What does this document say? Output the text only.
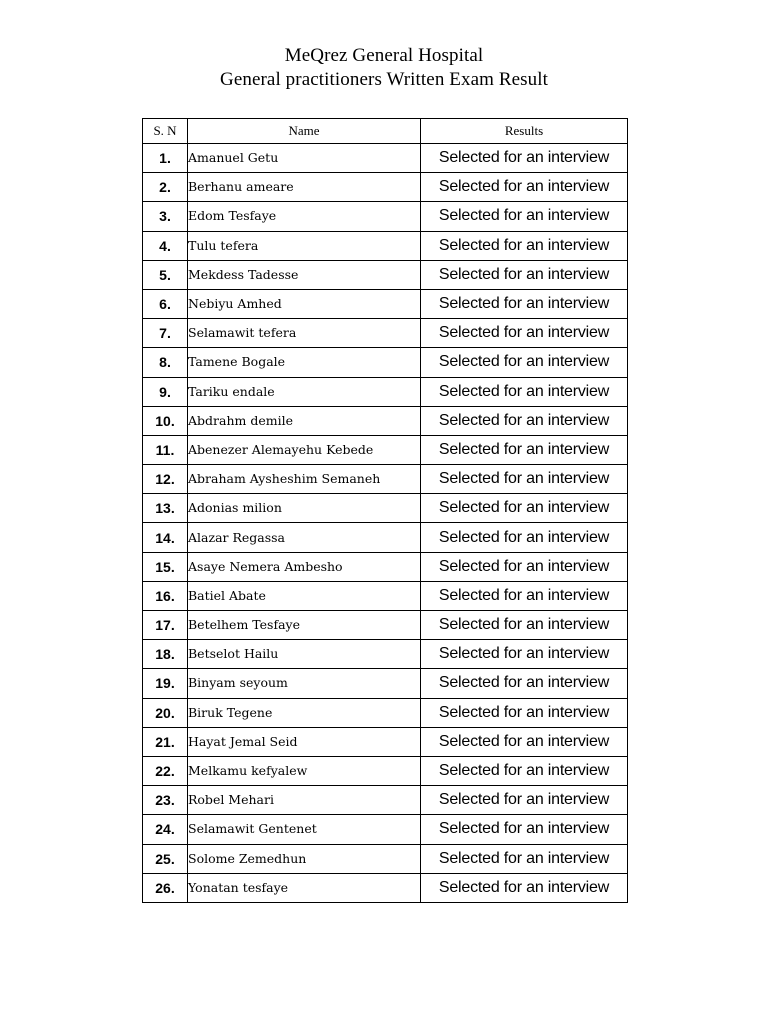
MeQrez General Hospital
General practitioners Written Exam Result
S. N	Name	Results
1.	Amanuel Getu	Selected for an interview
2.	Berhanu ameare	Selected for an interview
3.	Edom Tesfaye	Selected for an interview
4.	Tulu tefera	Selected for an interview
5.	Mekdess Tadesse	Selected for an interview
6.	Nebiyu Amhed	Selected for an interview
7.	Selamawit tefera	Selected for an interview
8.	Tamene Bogale	Selected for an interview
9.	Tariku endale	Selected for an interview
10.	Abdrahm demile	Selected for an interview
11.	Abenezer Alemayehu Kebede	Selected for an interview
12.	Abraham Aysheshim Semaneh	Selected for an interview
13.	Adonias milion	Selected for an interview
14.	Alazar Regassa	Selected for an interview
15.	Asaye Nemera Ambesho	Selected for an interview
16.	Batiel Abate	Selected for an interview
17.	Betelhem Tesfaye	Selected for an interview
18.	Betselot Hailu	Selected for an interview
19.	Binyam seyoum	Selected for an interview
20.	Biruk Tegene	Selected for an interview
21.	Hayat Jemal Seid	Selected for an interview
22.	Melkamu kefyalew	Selected for an interview
23.	Robel Mehari	Selected for an interview
24.	Selamawit Gentenet	Selected for an interview
25.	Solome Zemedhun	Selected for an interview
26.	Yonatan tesfaye	Selected for an interview
